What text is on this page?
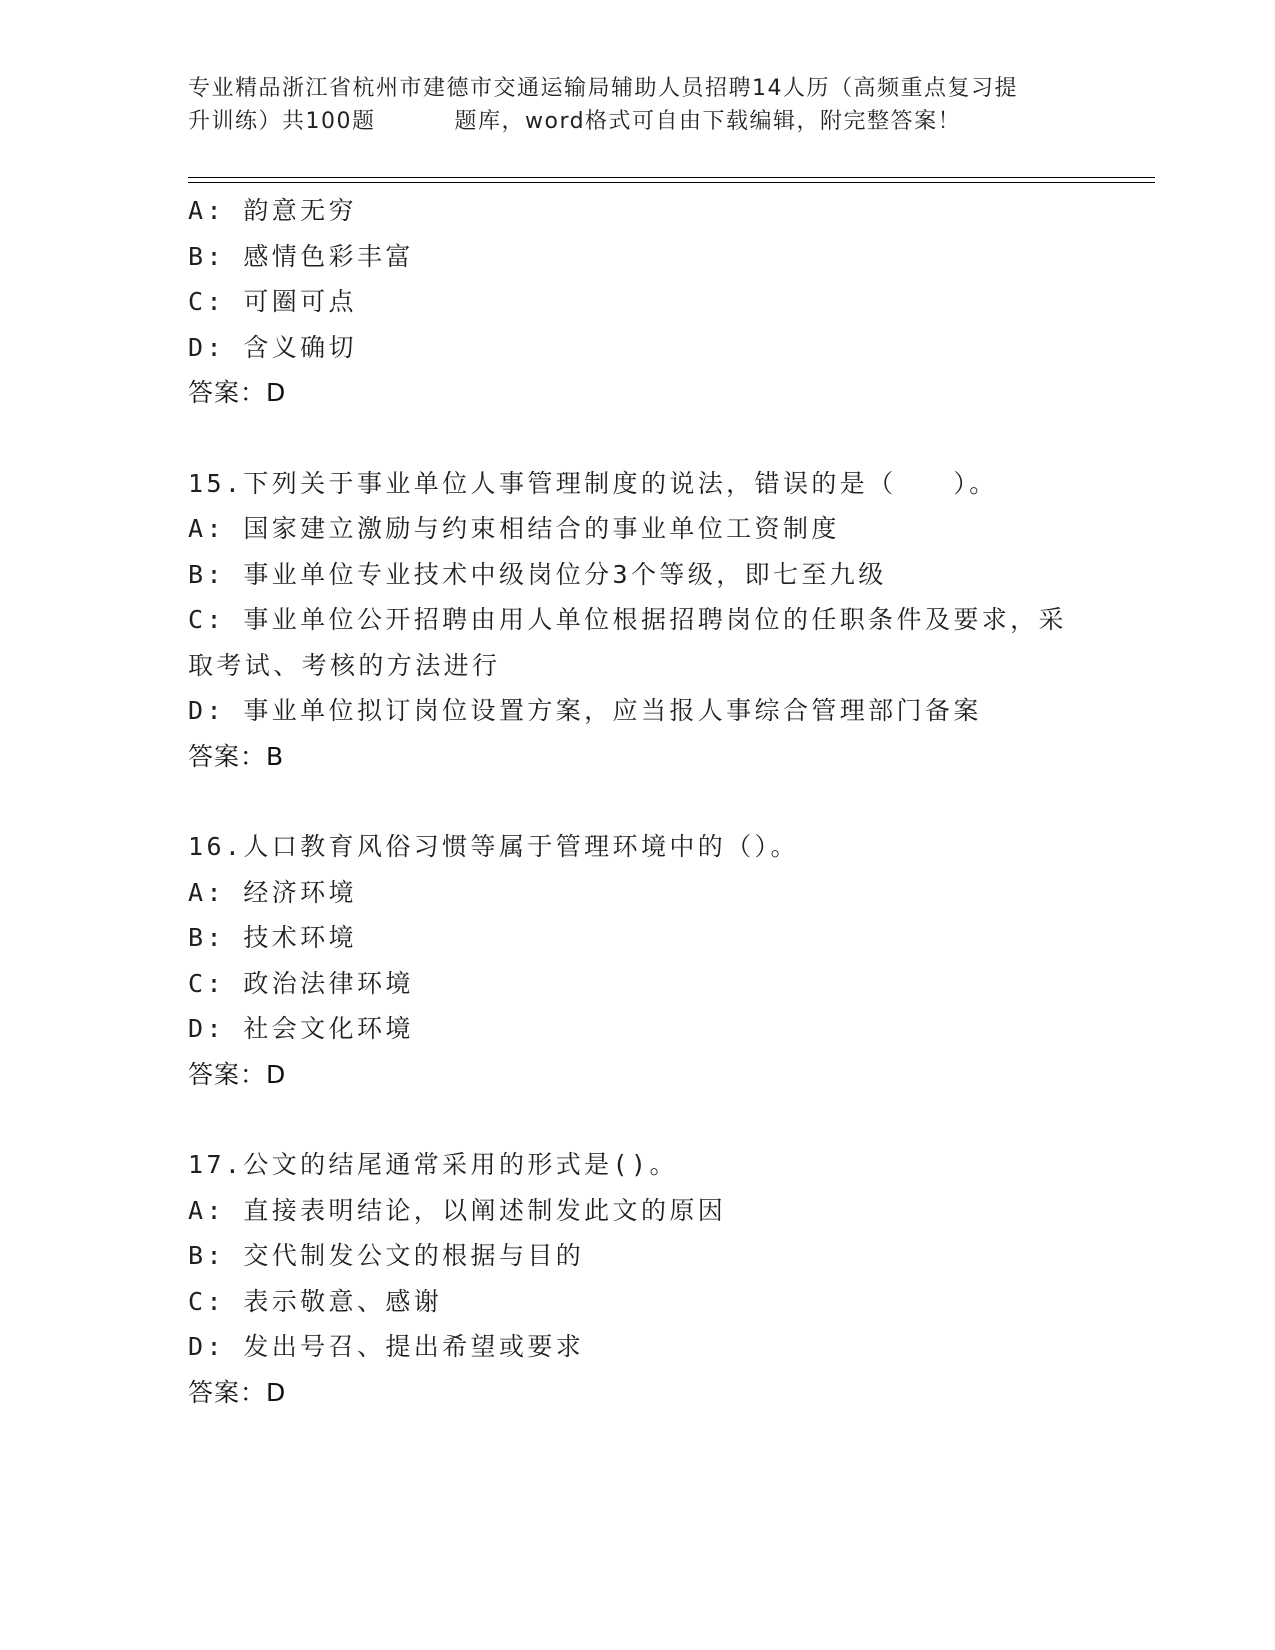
专业精品浙江省杭州市建德市交通运输局辅助人员招聘14人历（高频重点复习提
升训练）共100题 　　　题库，word格式可自由下载编辑，附完整答案！
A: 韵意无穷
B: 感情色彩丰富
C: 可圈可点
D: 含义确切
答案：D
15.下列关于事业单位人事管理制度的说法，错误的是（　　）。
A: 国家建立激励与约束相结合的事业单位工资制度
B: 事业单位专业技术中级岗位分3个等级，即七至九级
C: 事业单位公开招聘由用人单位根据招聘岗位的任职条件及要求，采
取考试、考核的方法进行
D: 事业单位拟订岗位设置方案，应当报人事综合管理部门备案
答案：B
16.人口教育风俗习惯等属于管理环境中的（）。
A: 经济环境
B: 技术环境
C: 政治法律环境
D: 社会文化环境
答案：D
17.公文的结尾通常采用的形式是()。
A: 直接表明结论，以阐述制发此文的原因
B: 交代制发公文的根据与目的
C: 表示敬意、感谢
D: 发出号召、提出希望或要求
答案：D
